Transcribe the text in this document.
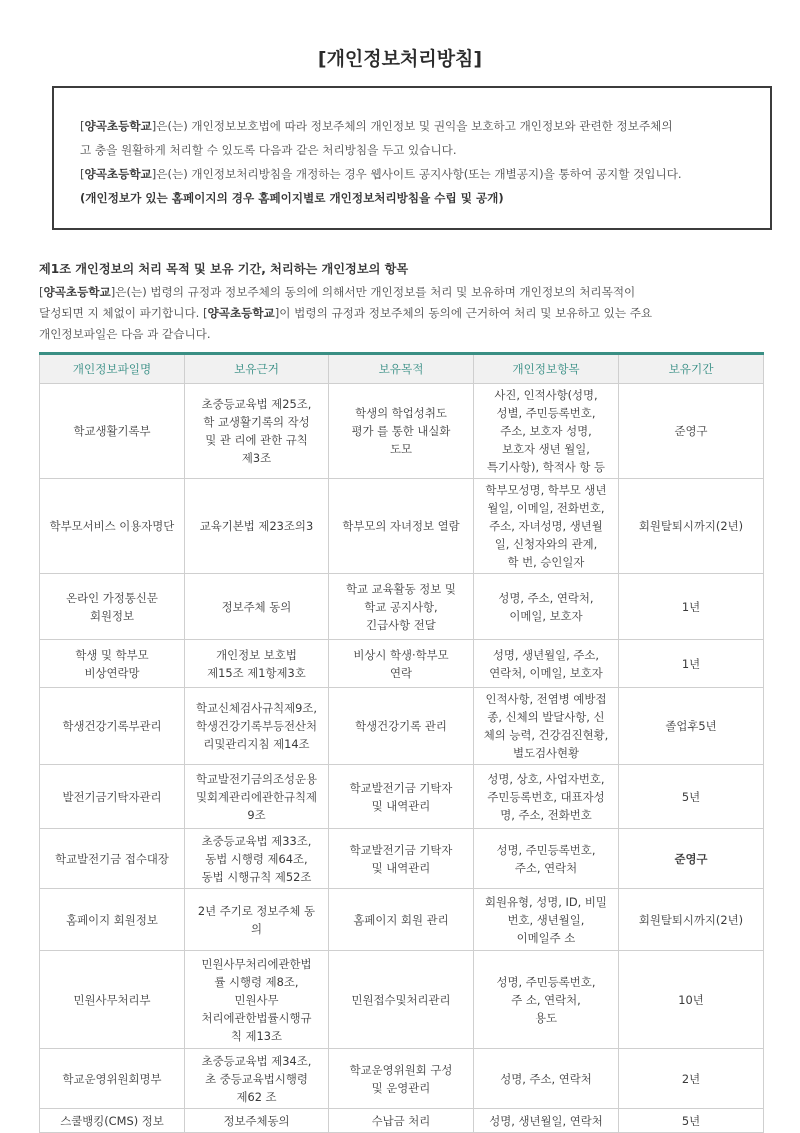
[개인정보처리방침]

[양곡초등학교]은(는) 개인정보보호법에 따라 정보주체의 개인정보 및 권익을 보호하고 개인정보와 관련한 정보주체의

고 충을 원활하게 처리할 수 있도록 다음과 같은 처리방침을 두고 있습니다.

[양곡초등학교]은(는) 개인정보처리방침을 개정하는 경우 웹사이트 공지사항(또는 개별공지)을 통하여 공지할 것입니다.

(개인정보가 있는 홈페이지의 경우 홈페이지별로 개인정보처리방침을 수립 및 공개)

제1조 개인정보의 처리 목적 및 보유 기간, 처리하는 개인정보의 항목

[양곡초등학교]은(는) 법령의 규정과 정보주체의 동의에 의해서만 개인정보를 처리 및 보유하며 개인정보의 처리목적이

달성되면 지 체없이 파기합니다. [양곡초등학교]이 법령의 규정과 정보주체의 동의에 근거하여 처리 및 보유하고 있는 주요

개인정보파일은 다음 과 같습니다.

개인정보파일명	보유근거	보유목적	개인정보항목	보유기간
학교생활기록부	초중등교육법 제25조,
학 교생활기록의 작성
및 관 리에 관한 규칙
제3조	학생의 학업성취도
평가 를 통한 내실화
도모	사진, 인적사항(성명,
성별, 주민등록번호,
주소, 보호자 성명,
보호자 생년 월일,
특기사항), 학적사 항 등	준영구
학부모서비스 이용자명단	교육기본법 제23조의3	학부모의 자녀정보 열람	학부모성명, 학부모 생년
월일, 이메일, 전화번호,
주소, 자녀성명, 생년월
일, 신청자와의 관계,
학 번, 승인일자	회원탈퇴시까지(2년)
온라인 가정통신문
회원정보	정보주체 동의	학교 교육활동 정보 및
학교 공지사항,
긴급사항 전달	성명, 주소, 연락처,
이메일, 보호자	1년
학생 및 학부모
비상연락망	개인정보 보호법
제15조 제1항제3호	비상시 학생·학부모
연락	성명, 생년월일, 주소,
연락처, 이메일, 보호자	1년
학생건강기록부관리	학교신체검사규칙제9조,
학생건강기록부등전산처
리및관리지침 제14조	학생건강기록 관리	인적사항, 전염병 예방접
종, 신체의 발달사항, 신
체의 능력, 건강검진현황,
별도검사현황	졸업후5년
발전기금기탁자관리	학교발전기금의조성운용
및회계관리에관한규칙제
9조	학교발전기금 기탁자
및 내역관리	성명, 상호, 사업자번호,
주민등록번호, 대표자성
명, 주소, 전화번호	5년
학교발전기금 접수대장	초중등교육법 제33조,
동법 시행령 제64조,
동법 시행규칙 제52조	학교발전기금 기탁자
및 내역관리	성명, 주민등록번호,
주소, 연락처	준영구
홈페이지 회원정보	2년 주기로 정보주체 동
의	홈페이지 회원 관리	회원유형, 성명, ID, 비밀
번호, 생년월일,
이메일주 소	회원탈퇴시까지(2년)
민원사무처리부	민원사무처리에관한법
률 시행령 제8조,
민원사무
처리에관한법률시행규
칙 제13조	민원접수및처리관리	성명, 주민등록번호,
주 소, 연락처,
용도	10년
학교운영위원회명부	초중등교육법 제34조,
초 중등교육법시행령
제62 조	학교운영위원회 구성
및 운영관리	성명, 주소, 연락처	2년
스쿨뱅킹(CMS) 정보	정보주체동의	수납금 처리	성명, 생년월일, 연락처	5년
